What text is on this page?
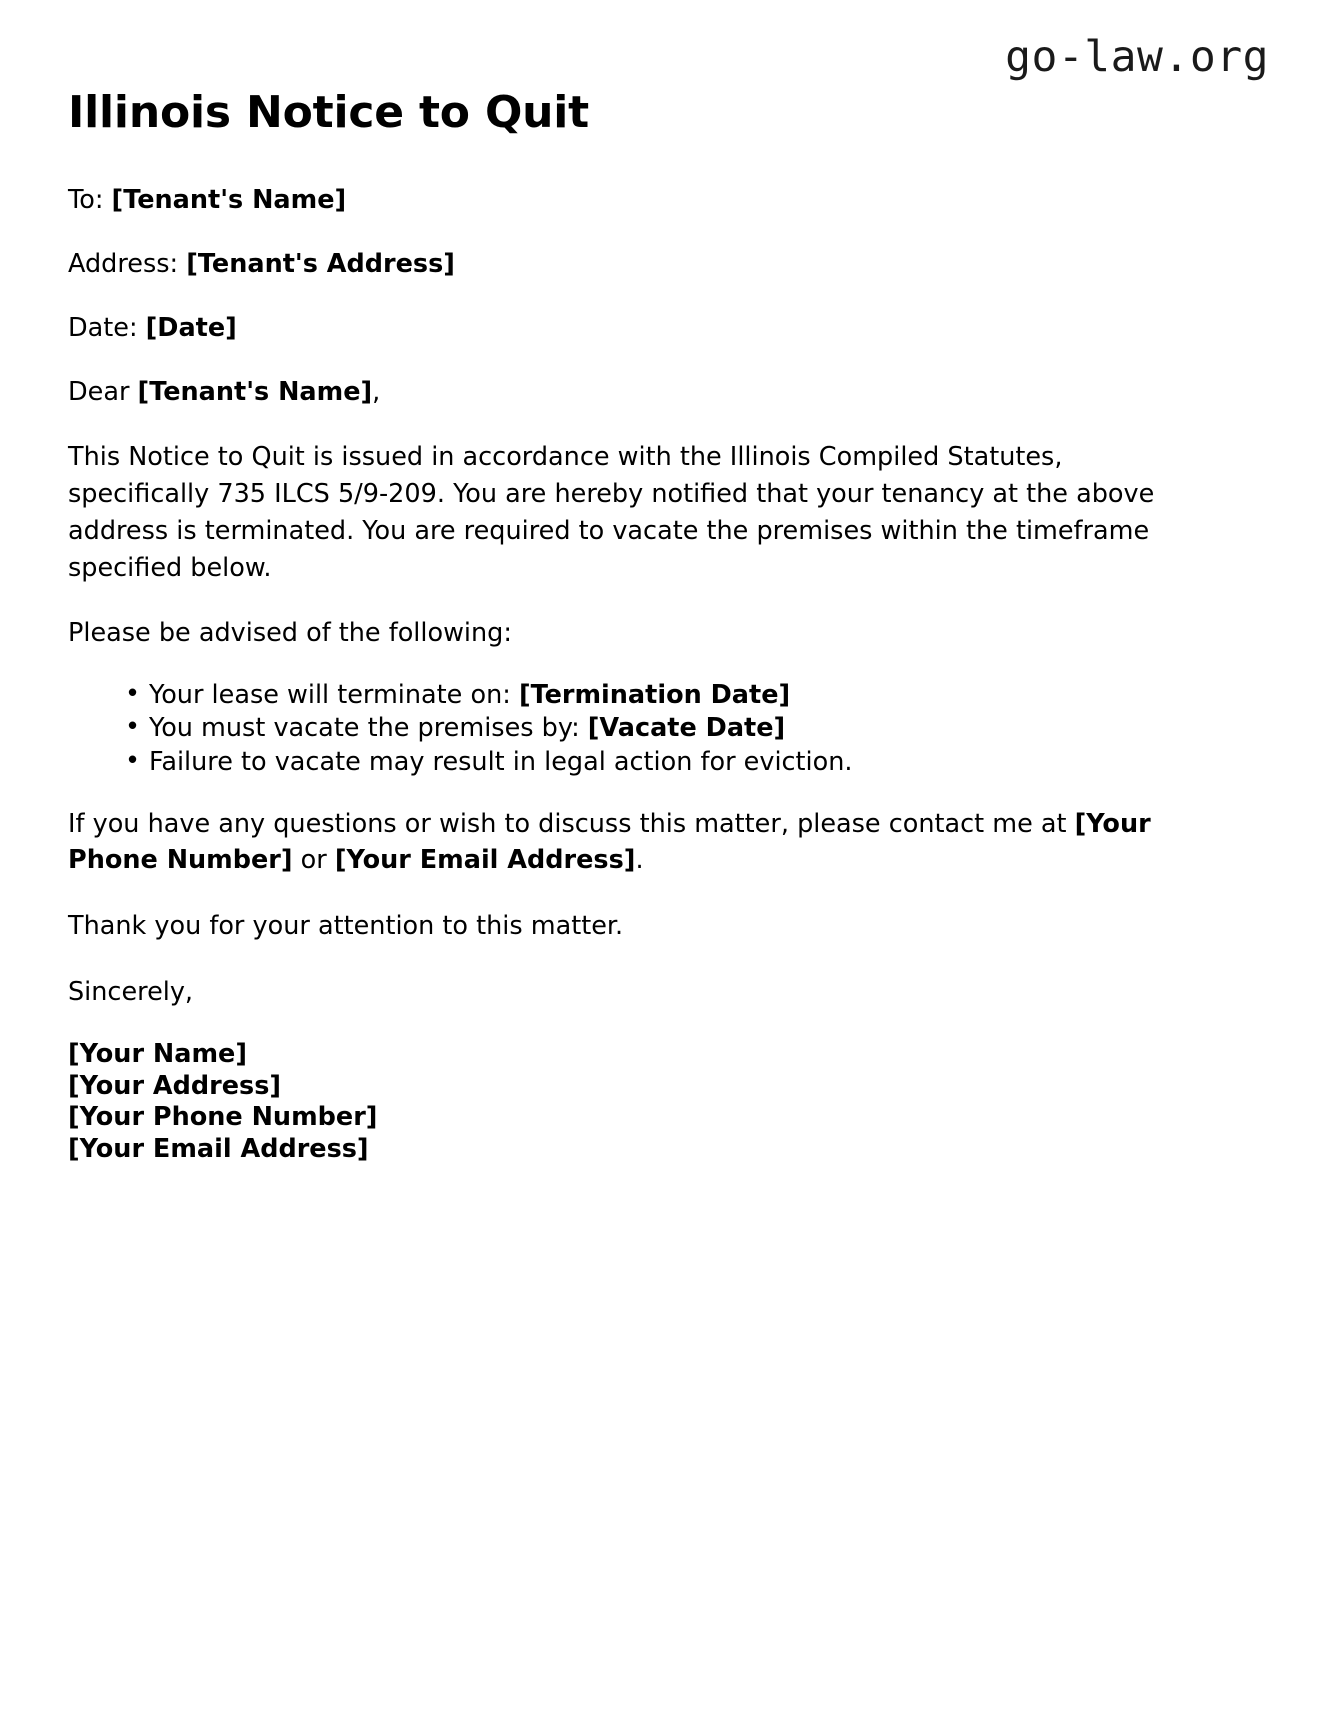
go-law.org
Illinois Notice to Quit

To: [Tenant's Name]

Address: [Tenant's Address]

Date: [Date]

Dear [Tenant's Name],

This Notice to Quit is issued in accordance with the Illinois Compiled Statutes, specifically 735 ILCS 5/9-209. You are hereby notified that your tenancy at the above address is terminated. You are required to vacate the premises within the timeframe specified below.

Please be advised of the following:

• Your lease will terminate on: [Termination Date]
• You must vacate the premises by: [Vacate Date]
• Failure to vacate may result in legal action for eviction.

If you have any questions or wish to discuss this matter, please contact me at [Your Phone Number] or [Your Email Address].

Thank you for your attention to this matter.

Sincerely,

[Your Name]
[Your Address]
[Your Phone Number]
[Your Email Address]
